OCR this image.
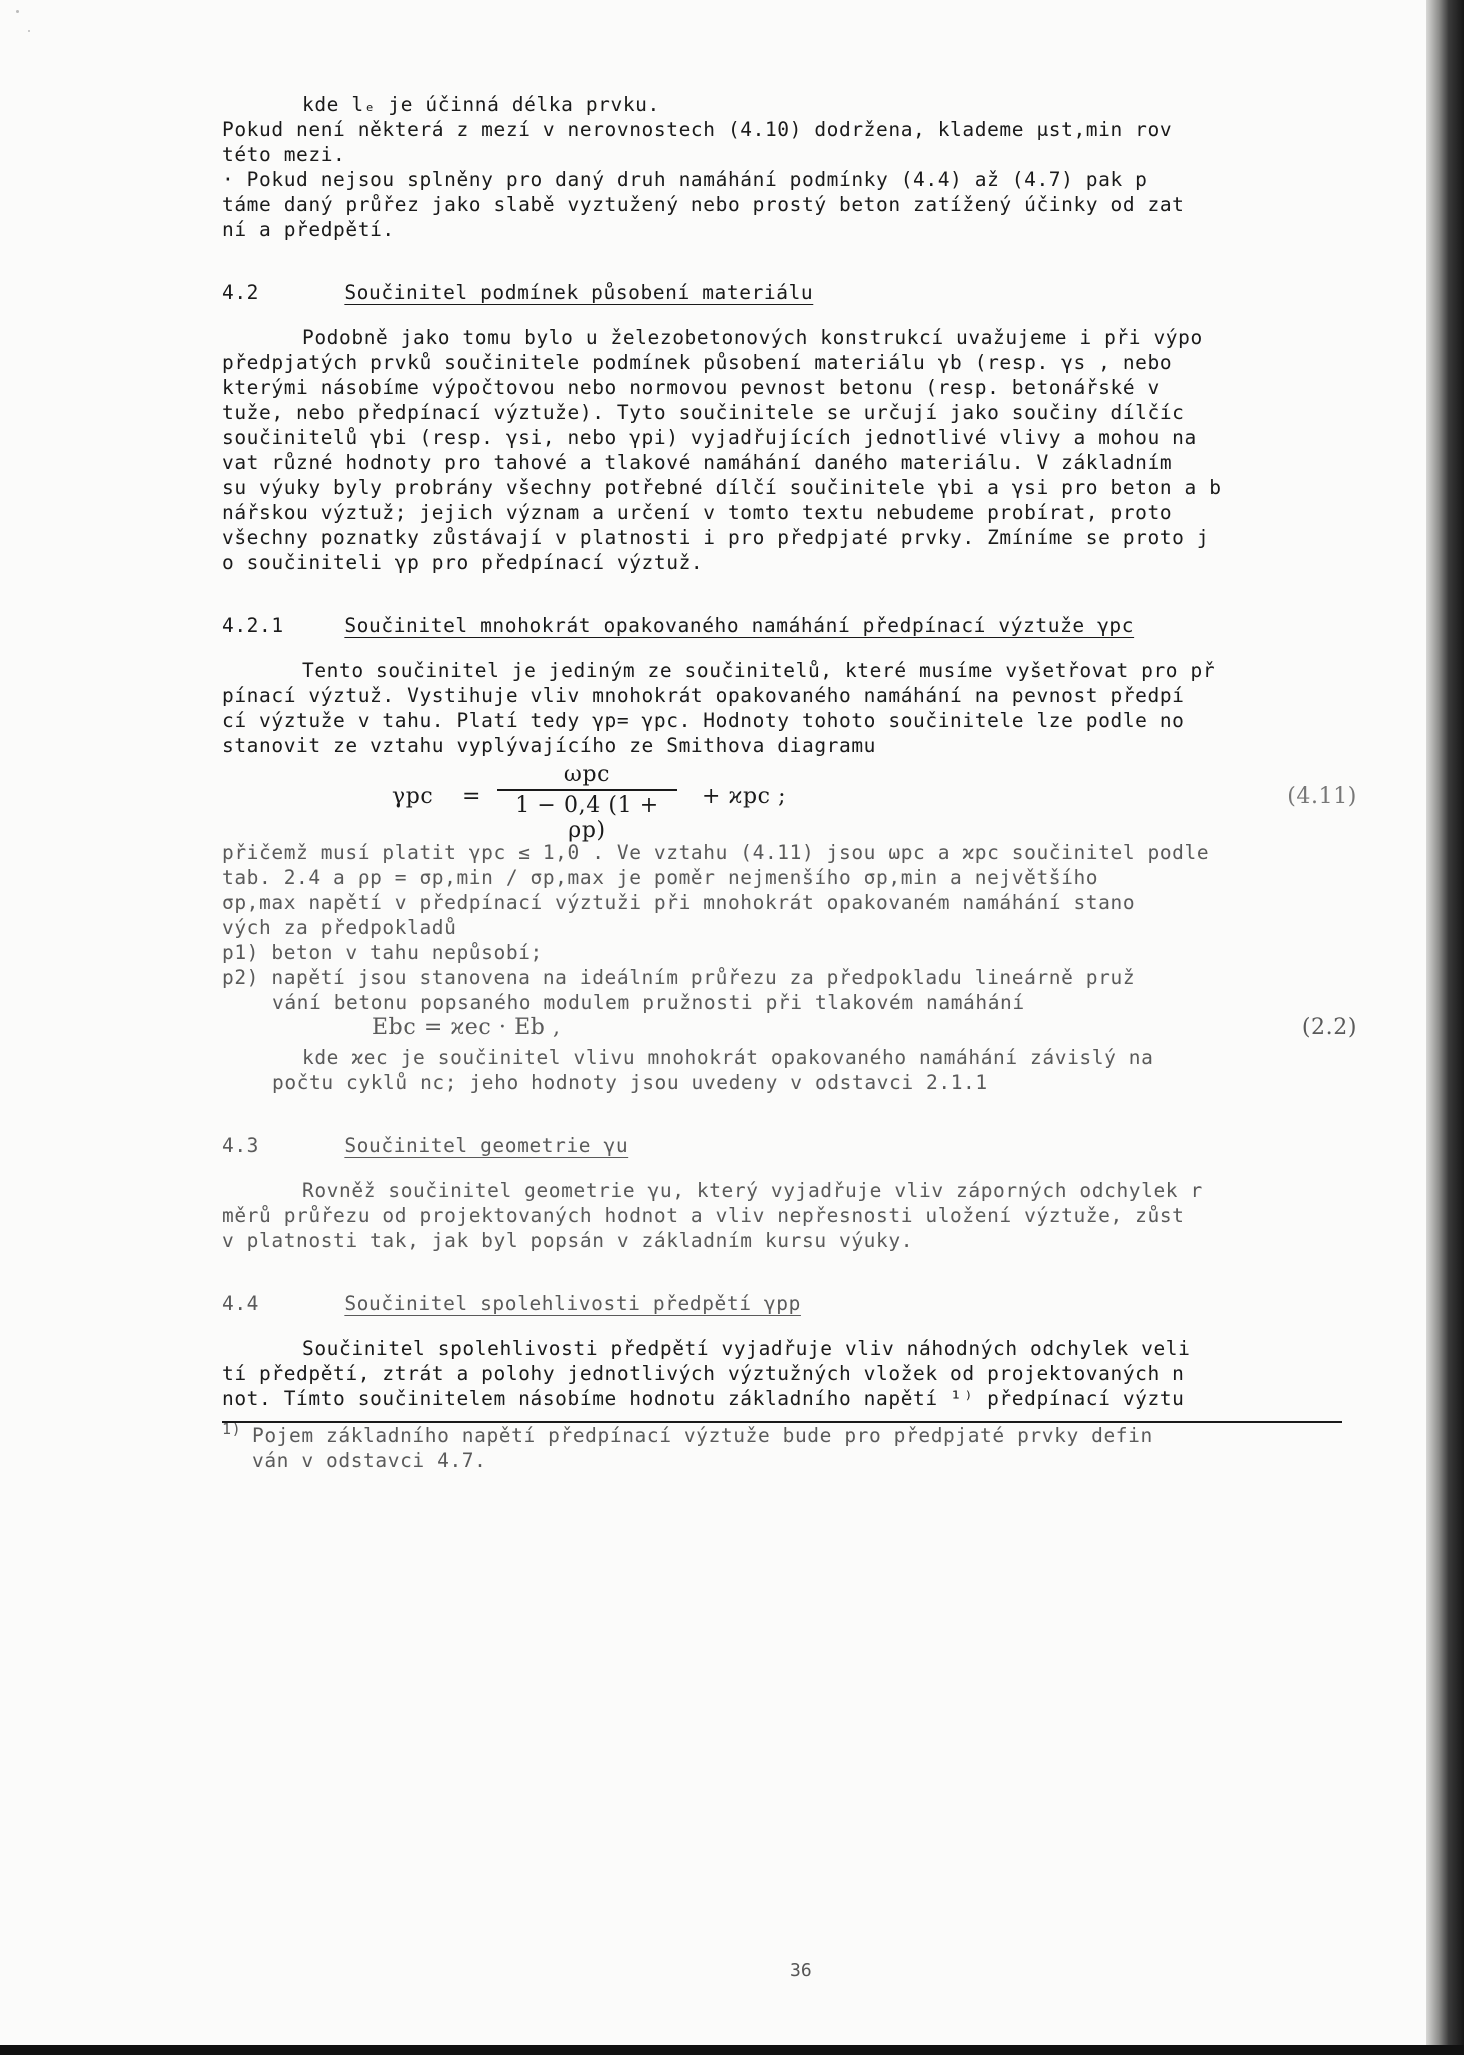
kde lₑ je účinná délka prvku.
Pokud není některá z mezí v nerovnostech (4.10) dodržena, klademe μst,min rov
této mezi.
· Pokud nejsou splněny pro daný druh namáhání podmínky (4.4) až (4.7) pak p
táme daný průřez jako slabě vyztužený nebo prostý beton zatížený účinky od zat
ní a předpětí.
4.2	Součinitel podmínek působení materiálu
Podobně jako tomu bylo u železobetonových konstrukcí uvažujeme i při výpo
předpjatých prvků součinitele podmínek působení materiálu γb (resp. γs , nebo
kterými násobíme výpočtovou nebo normovou pevnost betonu (resp. betonářské v
tuže, nebo předpínací výztuže). Tyto součinitele se určují jako součiny dílčíc
součinitelů γbi (resp. γsi, nebo γpi) vyjadřujících jednotlivé vlivy a mohou na
vat různé hodnoty pro tahové a tlakové namáhání daného materiálu. V základním
su výuky byly probrány všechny potřebné dílčí součinitele γbi a γsi pro beton a b
nářskou výztuž; jejich význam a určení v tomto textu nebudeme probírat, proto
všechny poznatky zůstávají v platnosti i pro předpjaté prvky. Zmíníme se proto j
o součiniteli γp pro předpínací výztuž.
4.2.1	Součinitel mnohokrát opakovaného namáhání předpínací výztuže γpc
Tento součinitel je jediným ze součinitelů, které musíme vyšetřovat pro př
pínací výztuž. Vystihuje vliv mnohokrát opakovaného namáhání na pevnost předpí
cí výztuže v tahu. Platí tedy γp= γpc. Hodnoty tohoto součinitele lze podle no
stanovit ze vztahu vyplývajícího ze Smithova diagramu
γpc =
ωpc
1 − 0,4 (1 + ρp)
+ ϰpc ;	(4.11)
přičemž musí platit γpc ≤ 1,0 . Ve vztahu (4.11) jsou ωpc a ϰpc součinitel podle
tab. 2.4 a ρp = σp,min / σp,max je poměr nejmenšího σp,min a největšího
σp,max napětí v předpínací výztuži při mnohokrát opakovaném namáhání stano
vých za předpokladů
p1) beton v tahu nepůsobí;
p2) napětí jsou stanovena na ideálním průřezu za předpokladu lineárně pruž
vání betonu popsaného modulem pružnosti při tlakovém namáhání
Ebc = ϰec · Eb ,	(2.2)
kde ϰec je součinitel vlivu mnohokrát opakovaného namáhání závislý na
počtu cyklů nc; jeho hodnoty jsou uvedeny v odstavci 2.1.1
4.3	Součinitel geometrie γu
Rovněž součinitel geometrie γu, který vyjadřuje vliv záporných odchylek r
měrů průřezu od projektovaných hodnot a vliv nepřesnosti uložení výztuže, zůst
v platnosti tak, jak byl popsán v základním kursu výuky.
4.4	Součinitel spolehlivosti předpětí γpp
Součinitel spolehlivosti předpětí vyjadřuje vliv náhodných odchylek veli
tí předpětí, ztrát a polohy jednotlivých výztužných vložek od projektovaných n
not. Tímto součinitelem násobíme hodnotu základního napětí ¹⁾ předpínací výztu
1) Pojem základního napětí předpínací výztuže bude pro předpjaté prvky defin
ván v odstavci 4.7.
36
